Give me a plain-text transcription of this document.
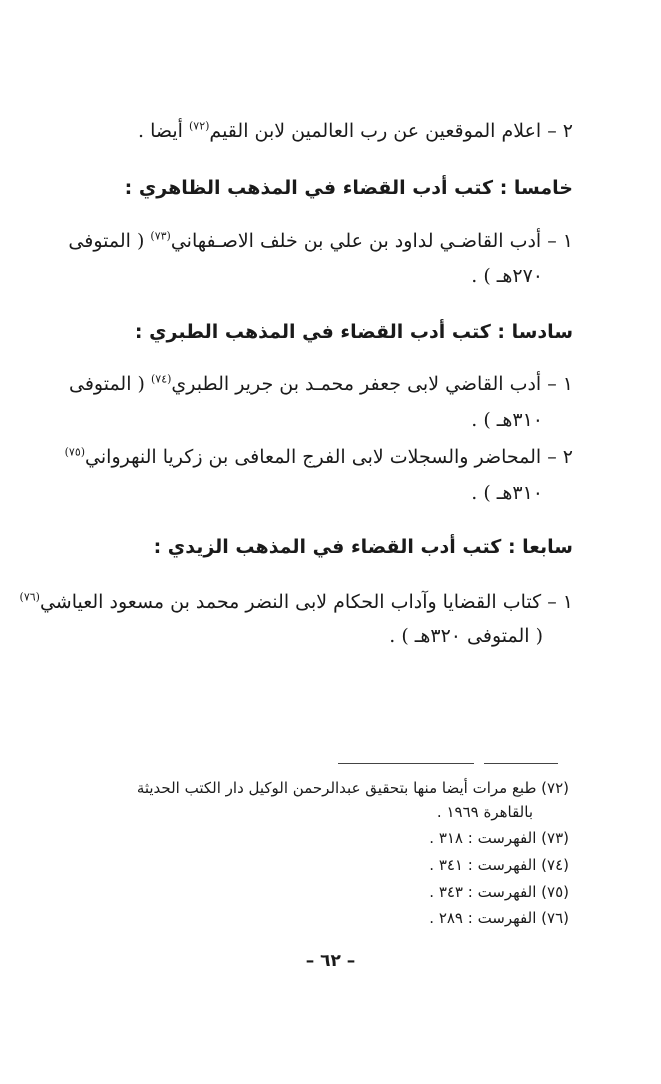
٢ – اعلام الموقعين عن رب العالمين لابن القيم$^{(٧٢)}$ أيضا .
خامسا : كتب أدب القضاء في المذهب الظاهري :
١ – أدب القاضـي لداود بن علي بن خلف الاصـفهاني$^{(٧٣)}$ ( المتوفى
٢٧٠هـ ) .
سادسا : كتب أدب القضاء في المذهب الطبري :
١ – أدب القاضي لابى جعفر محمـد بن جرير الطبري$^{(٧٤)}$ ( المتوفى
٣١٠هـ ) .
٢ – المحاضر والسجلات لابى الفرج المعافى بن زكريا النهرواني$^{(٧٥)}$
٣١٠هـ ) .
سابعا : كتب أدب القضاء في المذهب الزيدي :
١ – كتاب القضايا وآداب الحكام لابى النضر محمد بن مسعود العياشي$^{(٧٦)}$
( المتوفى ٣٢٠هـ ) .
(٧٢) طبع مرات أيضا منها بتحقيق عبدالرحمن الوكيل دار الكتب الحديثة
بالقاهرة ١٩٦٩ .
(٧٣) الفهرست : ٣١٨ .
(٧٤) الفهرست : ٣٤١ .
(٧٥) الفهرست : ٣٤٣ .
(٧٦) الفهرست : ٢٨٩ .
– ٦٢ –
